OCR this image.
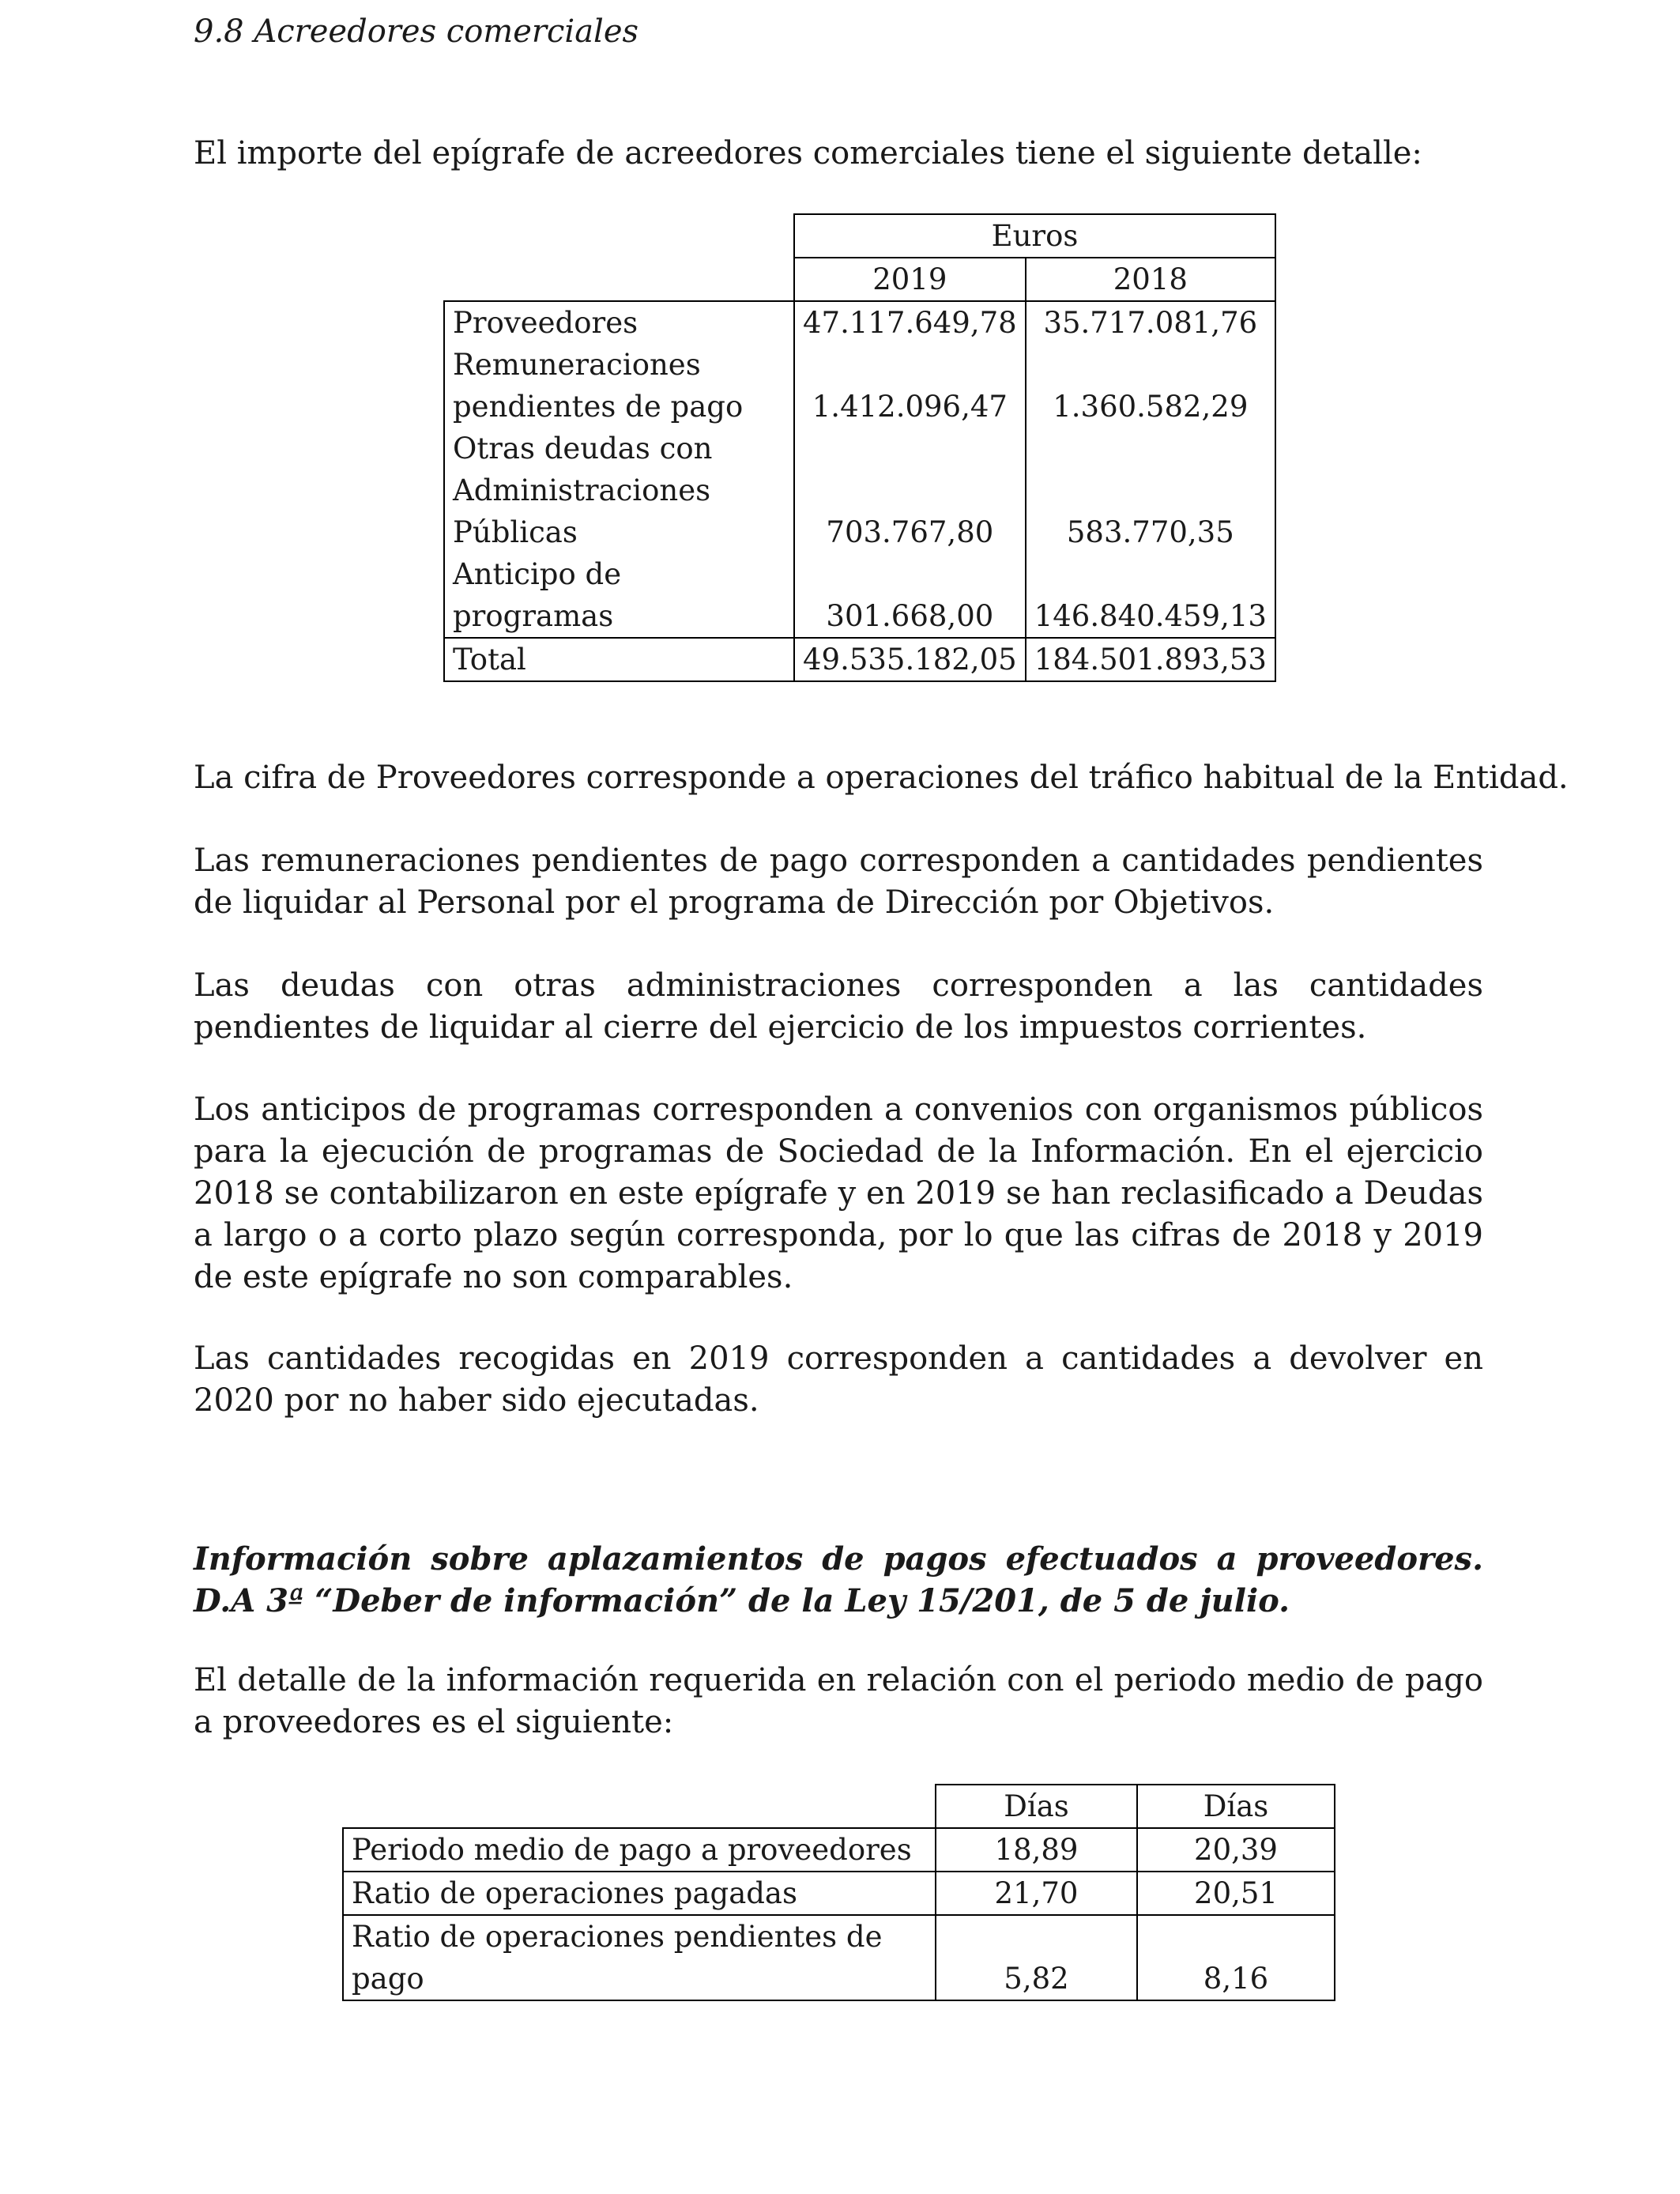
9.8 Acreedores comerciales
El importe del epígrafe de acreedores comerciales tiene el siguiente detalle:
	Euros	
	2019	2018
Proveedores	47.117.649,78	35.717.081,76

Remuneraciones
pendientes de pago	1.412.096,47	1.360.582,29

Otras deudas con
Administraciones
Públicas	703.767,80	583.770,35
Anticipo de programas	301.668,00	146.840.459,13
Total	49.535.182,05	184.501.893,53
La cifra de Proveedores corresponde a operaciones del tráfico habitual de la Entidad.
Las remuneraciones pendientes de pago corresponden a cantidades pendientes de liquidar al Personal por el programa de Dirección por Objetivos.
Las deudas con otras administraciones corresponden a las cantidades pendientes de liquidar al cierre del ejercicio de los impuestos corrientes.
Los anticipos de programas corresponden a convenios con organismos públicos para la ejecución de programas de Sociedad de la Información. En el ejercicio 2018 se contabilizaron en este epígrafe y en 2019 se han reclasificado a Deudas a largo o a corto plazo según corresponda, por lo que las cifras de 2018 y 2019 de este epígrafe no son comparables.
Las cantidades recogidas en 2019 corresponden a cantidades a devolver en 2020 por no haber sido ejecutadas.
Información sobre aplazamientos de pagos efectuados a proveedores. D.A 3ª “Deber de información” de la Ley 15/201, de 5 de julio.
El detalle de la información requerida en relación con el periodo medio de pago a proveedores es el siguiente:
	Días	Días
Periodo medio de pago a proveedores	18,89	20,39
Ratio de operaciones pagadas	21,70	20,51
Ratio de operaciones pendientes de pago	5,82	8,16
